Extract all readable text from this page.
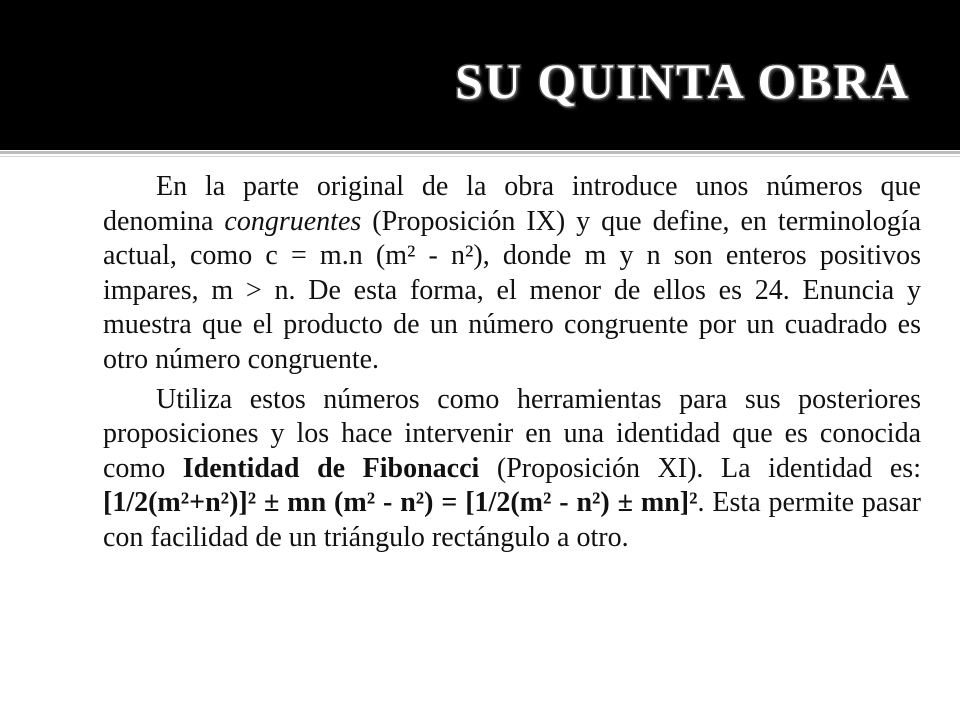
SU QUINTA OBRA

En la parte original de la obra introduce unos números que denomina congruentes (Proposición IX) y que define, en terminología actual, como c = m.n (m² - n²), donde m y n son enteros positivos impares, m > n. De esta forma, el menor de ellos es 24. Enuncia y muestra que el producto de un número congruente por un cuadrado es otro número congruente.

Utiliza estos números como herramientas para sus posteriores proposiciones y los hace intervenir en una identidad que es conocida como Identidad de Fibonacci (Proposición XI). La identidad es: [1/2(m²+n²)]² ± mn (m² - n²) = [1/2(m² - n²) ± mn]². Esta permite pasar con facilidad de un triángulo rectángulo a otro.
